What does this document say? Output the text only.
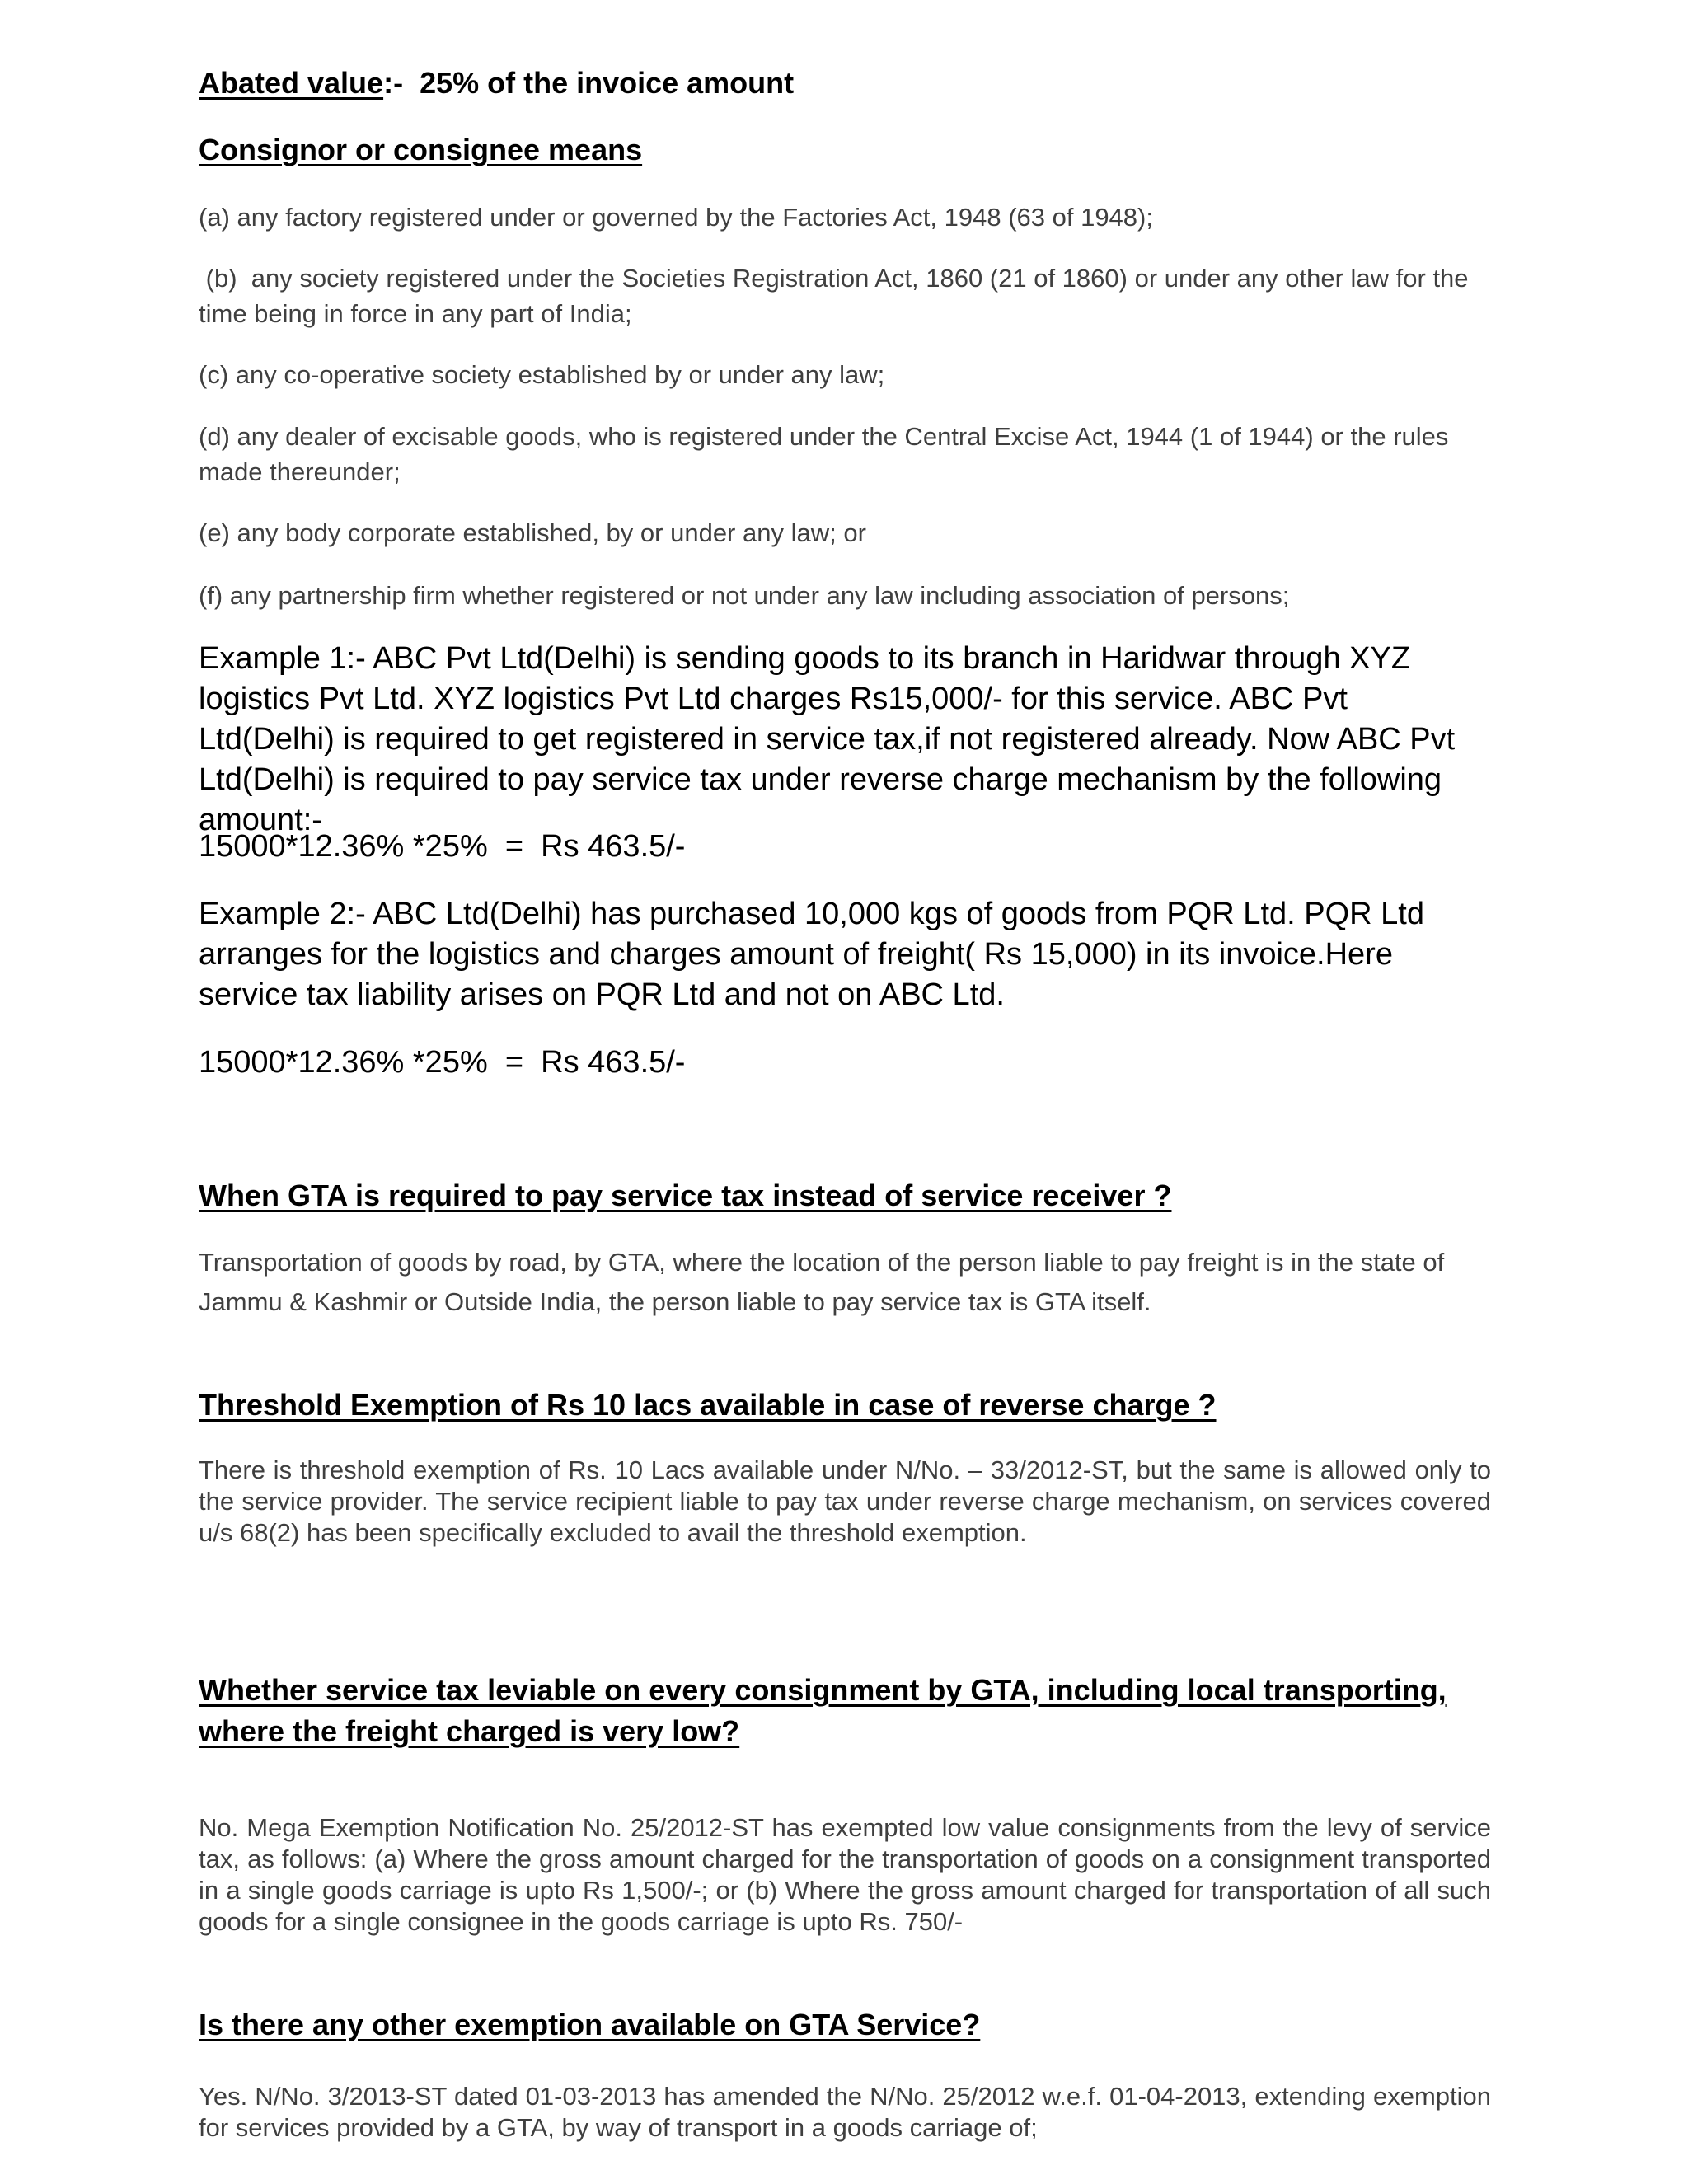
Abated value:-  25% of the invoice amount

Consignor or consignee means

(a) any factory registered under or governed by the Factories Act, 1948 (63 of 1948);

(b)  any society registered under the Societies Registration Act, 1860 (21 of 1860) or under any other law for the time being in force in any part of India;

(c) any co-operative society established by or under any law;

(d) any dealer of excisable goods, who is registered under the Central Excise Act, 1944 (1 of 1944) or the rules made thereunder;

(e) any body corporate established, by or under any law; or

(f) any partnership firm whether registered or not under any law including association of persons;

Example 1:- ABC Pvt Ltd(Delhi) is sending goods to its branch in Haridwar through XYZ logistics Pvt Ltd. XYZ logistics Pvt Ltd charges Rs15,000/- for this service. ABC Pvt Ltd(Delhi) is required to get registered in service tax,if not registered already. Now ABC Pvt Ltd(Delhi) is required to pay service tax under reverse charge mechanism by the following amount:-

15000*12.36% *25%  =  Rs 463.5/-

Example 2:- ABC Ltd(Delhi) has purchased 10,000 kgs of goods from PQR Ltd. PQR Ltd arranges for the logistics and charges amount of freight( Rs 15,000) in its invoice.Here service tax liability arises on PQR Ltd and not on ABC Ltd.

15000*12.36% *25%  =  Rs 463.5/-

When GTA is required to pay service tax instead of service receiver ?

Transportation of goods by road, by GTA, where the location of the person liable to pay freight is in the state of Jammu & Kashmir or Outside India, the person liable to pay service tax is GTA itself.

Threshold Exemption of Rs 10 lacs available in case of reverse charge ?

There is threshold exemption of Rs. 10 Lacs available under N/No. – 33/2012-ST, but the same is allowed only to the service provider. The service recipient liable to pay tax under reverse charge mechanism, on services covered u/s 68(2) has been specifically excluded to avail the threshold exemption.

Whether service tax leviable on every consignment by GTA, including local transporting, where the freight charged is very low?

No. Mega Exemption Notification No. 25/2012-ST has exempted low value consignments from the levy of service tax, as follows: (a) Where the gross amount charged for the transportation of goods on a consignment transported in a single goods carriage is upto Rs 1,500/-; or (b) Where the gross amount charged for transportation of all such goods for a single consignee in the goods carriage is upto Rs. 750/-

Is there any other exemption available on GTA Service?

Yes. N/No. 3/2013-ST dated 01-03-2013 has amended the N/No. 25/2012 w.e.f. 01-04-2013, extending exemption for services provided by a GTA, by way of transport in a goods carriage of;
